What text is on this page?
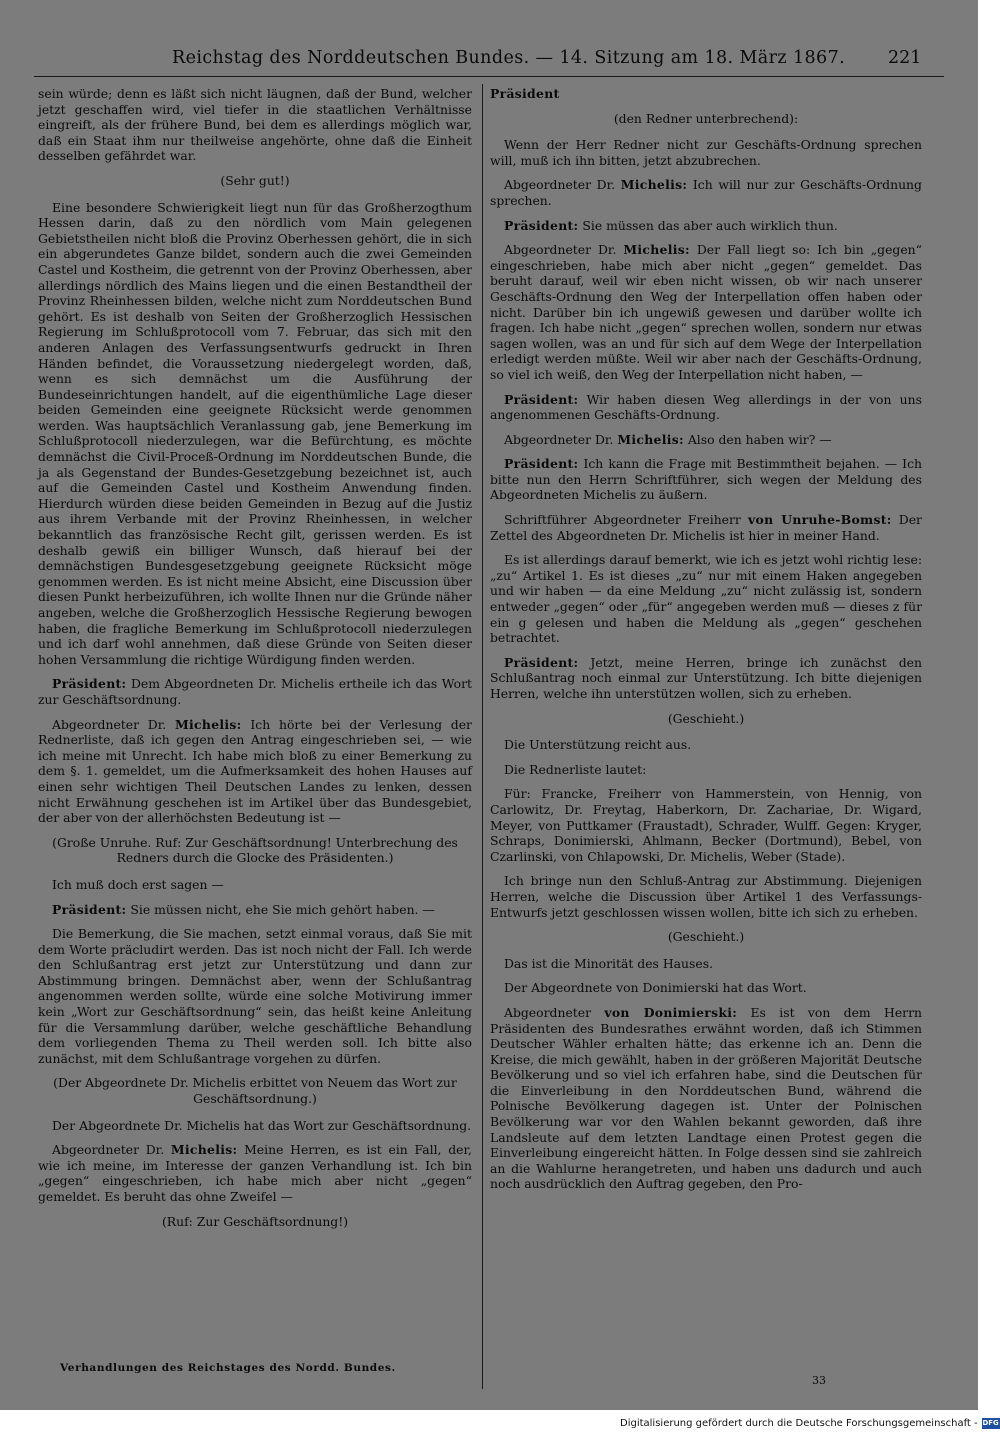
Reichstag des Norddeutschen Bundes. — 14. Sitzung am 18. März 1867. 221

sein würde; denn es läßt sich nicht läugnen, daß der Bund, welcher jetzt geschaffen wird, viel tiefer in die staatlichen Verhältnisse eingreift, als der frühere Bund, bei dem es allerdings möglich war, daß ein Staat ihm nur theilweise angehörte, ohne daß die Einheit desselben gefährdet war.

(Sehr gut!)

Eine besondere Schwierigkeit liegt nun für das Großherzogthum Hessen darin, daß zu den nördlich vom Main gelegenen Gebietstheilen nicht bloß die Provinz Oberhessen gehört, die in sich ein abgerundetes Ganze bildet, sondern auch die zwei Gemeinden Castel und Kostheim, die getrennt von der Provinz Oberhessen, aber allerdings nördlich des Mains liegen und die einen Bestandtheil der Provinz Rheinhessen bilden, welche nicht zum Norddeutschen Bund gehört. Es ist deshalb von Seiten der Großherzoglich Hessischen Regierung im Schlußprotocoll vom 7. Februar, das sich mit den anderen Anlagen des Verfassungsentwurfs gedruckt in Ihren Händen befindet, die Voraussetzung niedergelegt worden, daß, wenn es sich demnächst um die Ausführung der Bundeseinrichtungen handelt, auf die eigenthümliche Lage dieser beiden Gemeinden eine geeignete Rücksicht werde genommen werden. Was hauptsächlich Veranlassung gab, jene Bemerkung im Schlußprotocoll niederzulegen, war die Befürchtung, es möchte demnächst die Civil-Proceß-Ordnung im Norddeutschen Bunde, die ja als Gegenstand der Bundes-Gesetzgebung bezeichnet ist, auch auf die Gemeinden Castel und Kostheim Anwendung finden. Hierdurch würden diese beiden Gemeinden in Bezug auf die Justiz aus ihrem Verbande mit der Provinz Rheinhessen, in welcher bekanntlich das französische Recht gilt, gerissen werden. Es ist deshalb gewiß ein billiger Wunsch, daß hierauf bei der demnächstigen Bundesgesetzgebung geeignete Rücksicht möge genommen werden. Es ist nicht meine Absicht, eine Discussion über diesen Punkt herbeizuführen, ich wollte Ihnen nur die Gründe näher angeben, welche die Großherzoglich Hessische Regierung bewogen haben, die fragliche Bemerkung im Schlußprotocoll niederzulegen und ich darf wohl annehmen, daß diese Gründe von Seiten dieser hohen Versammlung die richtige Würdigung finden werden.

Präsident: Dem Abgeordneten Dr. Michelis ertheile ich das Wort zur Geschäftsordnung.

Abgeordneter Dr. Michelis: Ich hörte bei der Verlesung der Rednerliste, daß ich gegen den Antrag eingeschrieben sei, — wie ich meine mit Unrecht. Ich habe mich bloß zu einer Bemerkung zu dem §. 1. gemeldet, um die Aufmerksamkeit des hohen Hauses auf einen sehr wichtigen Theil Deutschen Landes zu lenken, dessen nicht Erwähnung geschehen ist im Artikel über das Bundesgebiet, der aber von der allerhöchsten Bedeutung ist —

(Große Unruhe. Ruf: Zur Geschäftsordnung! Unterbrechung des Redners durch die Glocke des Präsidenten.)

Ich muß doch erst sagen —

Präsident: Sie müssen nicht, ehe Sie mich gehört haben. —

Die Bemerkung, die Sie machen, setzt einmal voraus, daß Sie mit dem Worte präcludirt werden. Das ist noch nicht der Fall. Ich werde den Schlußantrag erst jetzt zur Unterstützung und dann zur Abstimmung bringen. Demnächst aber, wenn der Schlußantrag angenommen werden sollte, würde eine solche Motivirung immer kein „Wort zur Geschäftsordnung“ sein, das heißt keine Anleitung für die Versammlung darüber, welche geschäftliche Behandlung dem vorliegenden Thema zu Theil werden soll. Ich bitte also zunächst, mit dem Schlußantrage vorgehen zu dürfen.

(Der Abgeordnete Dr. Michelis erbittet von Neuem das Wort zur Geschäftsordnung.)

Der Abgeordnete Dr. Michelis hat das Wort zur Geschäftsordnung.

Abgeordneter Dr. Michelis: Meine Herren, es ist ein Fall, der, wie ich meine, im Interesse der ganzen Verhandlung ist. Ich bin „gegen“ eingeschrieben, ich habe mich aber nicht „gegen“ gemeldet. Es beruht das ohne Zweifel —

(Ruf: Zur Geschäftsordnung!)

Präsident

(den Redner unterbrechend):

Wenn der Herr Redner nicht zur Geschäfts-Ordnung sprechen will, muß ich ihn bitten, jetzt abzubrechen.

Abgeordneter Dr. Michelis: Ich will nur zur Geschäfts-Ordnung sprechen.

Präsident: Sie müssen das aber auch wirklich thun.

Abgeordneter Dr. Michelis: Der Fall liegt so: Ich bin „gegen“ eingeschrieben, habe mich aber nicht „gegen“ gemeldet. Das beruht darauf, weil wir eben nicht wissen, ob wir nach unserer Geschäfts-Ordnung den Weg der Interpellation offen haben oder nicht. Darüber bin ich ungewiß gewesen und darüber wollte ich fragen. Ich habe nicht „gegen“ sprechen wollen, sondern nur etwas sagen wollen, was an und für sich auf dem Wege der Interpellation erledigt werden müßte. Weil wir aber nach der Geschäfts-Ordnung, so viel ich weiß, den Weg der Interpellation nicht haben, —

Präsident: Wir haben diesen Weg allerdings in der von uns angenommenen Geschäfts-Ordnung.

Abgeordneter Dr. Michelis: Also den haben wir? —

Präsident: Ich kann die Frage mit Bestimmtheit bejahen. — Ich bitte nun den Herrn Schriftführer, sich wegen der Meldung des Abgeordneten Michelis zu äußern.

Schriftführer Abgeordneter Freiherr von Unruhe-Bomst: Der Zettel des Abgeordneten Dr. Michelis ist hier in meiner Hand.

Es ist allerdings darauf bemerkt, wie ich es jetzt wohl richtig lese: „zu“ Artikel 1. Es ist dieses „zu“ nur mit einem Haken angegeben und wir haben — da eine Meldung „zu“ nicht zulässig ist, sondern entweder „gegen“ oder „für“ angegeben werden muß — dieses z für ein g gelesen und haben die Meldung als „gegen“ geschehen betrachtet.

Präsident: Jetzt, meine Herren, bringe ich zunächst den Schlußantrag noch einmal zur Unterstützung. Ich bitte diejenigen Herren, welche ihn unterstützen wollen, sich zu erheben.

(Geschieht.)

Die Unterstützung reicht aus.

Die Rednerliste lautet:

Für: Francke, Freiherr von Hammerstein, von Hennig, von Carlowitz, Dr. Freytag, Haberkorn, Dr. Zachariae, Dr. Wigard, Meyer, von Puttkamer (Fraustadt), Schrader, Wulff. Gegen: Kryger, Schraps, Donimierski, Ahlmann, Becker (Dortmund), Bebel, von Czarlinski, von Chlapowski, Dr. Michelis, Weber (Stade).

Ich bringe nun den Schluß-Antrag zur Abstimmung. Diejenigen Herren, welche die Discussion über Artikel 1 des Verfassungs-Entwurfs jetzt geschlossen wissen wollen, bitte ich sich zu erheben.

(Geschieht.)

Das ist die Minorität des Hauses.

Der Abgeordnete von Donimierski hat das Wort.

Abgeordneter von Donimierski: Es ist von dem Herrn Präsidenten des Bundesrathes erwähnt worden, daß ich Stimmen Deutscher Wähler erhalten hätte; das erkenne ich an. Denn die Kreise, die mich gewählt, haben in der größeren Majorität Deutsche Bevölkerung und so viel ich erfahren habe, sind die Deutschen für die Einverleibung in den Norddeutschen Bund, während die Polnische Bevölkerung dagegen ist. Unter der Polnischen Bevölkerung war vor den Wahlen bekannt geworden, daß ihre Landsleute auf dem letzten Landtage einen Protest gegen die Einverleibung eingereicht hätten. In Folge dessen sind sie zahlreich an die Wahlurne herangetreten, und haben uns dadurch und auch noch ausdrücklich den Auftrag gegeben, den Pro-

Verhandlungen des Reichstages des Nordd. Bundes.
33
Digitalisierung gefördert durch die Deutsche Forschungsgemeinschaft - DFG
